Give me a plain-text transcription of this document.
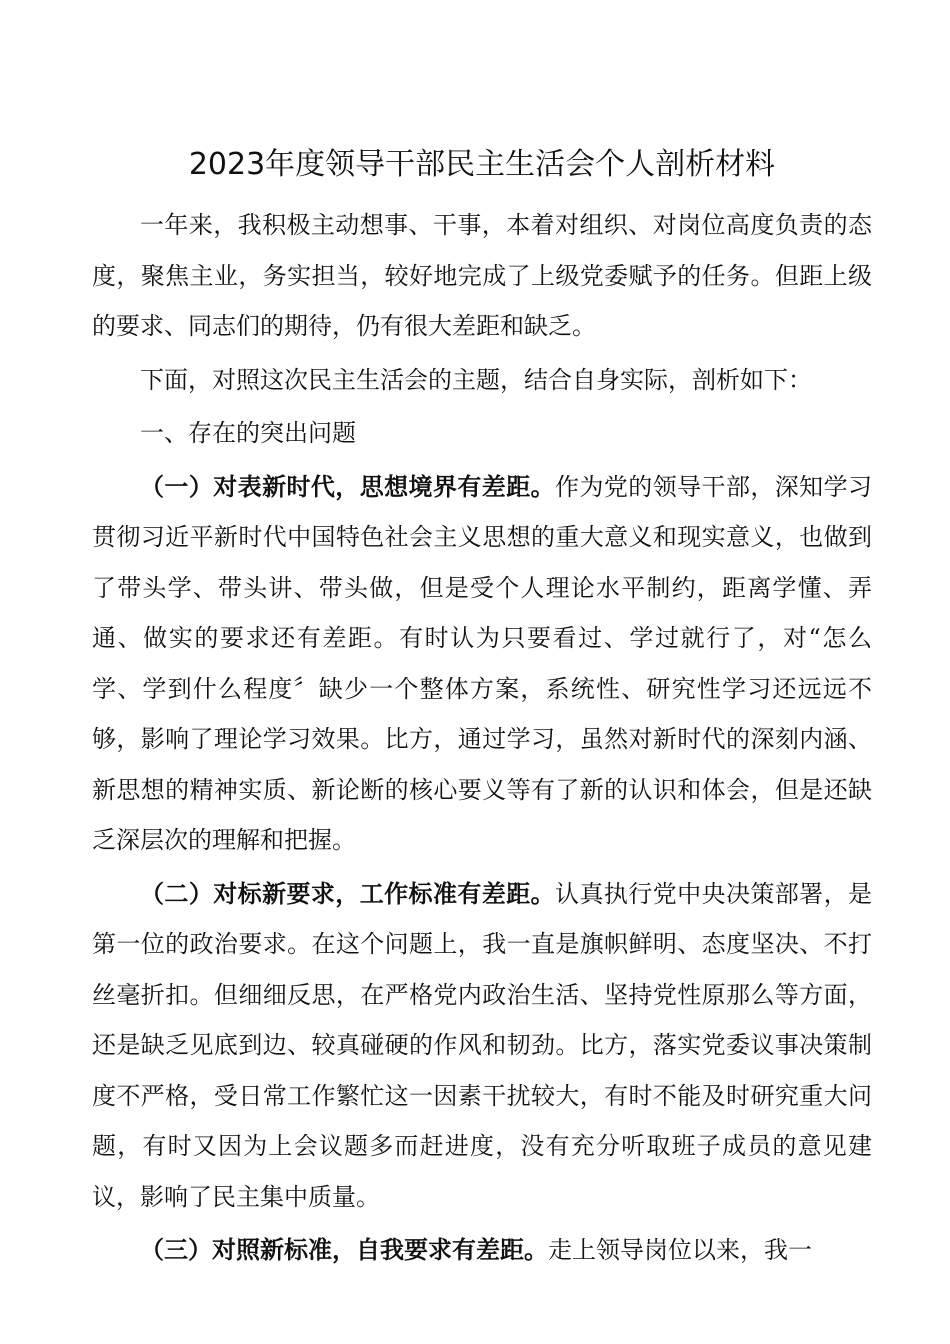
2023年度领导干部民主生活会个人剖析材料

一年来，我积极主动想事、干事，本着对组织、对岗位高度负责的态度，聚焦主业，务实担当，较好地完成了上级党委赋予的任务。但距上级的要求、同志们的期待，仍有很大差距和缺乏。

下面，对照这次民主生活会的主题，结合自身实际，剖析如下：

一、存在的突出问题

（一）对表新时代，思想境界有差距。作为党的领导干部，深知学习贯彻习近平新时代中国特色社会主义思想的重大意义和现实意义，也做到了带头学、带头讲、带头做，但是受个人理论水平制约，距离学懂、弄通、做实的要求还有差距。有时认为只要看过、学过就行了，对“怎么学、学到什么程度〞缺少一个整体方案，系统性、研究性学习还远远不够，影响了理论学习效果。比方，通过学习，虽然对新时代的深刻内涵、新思想的精神实质、新论断的核心要义等有了新的认识和体会，但是还缺乏深层次的理解和把握。

（二）对标新要求，工作标准有差距。认真执行党中央决策部署，是第一位的政治要求。在这个问题上，我一直是旗帜鲜明、态度坚决、不打丝毫折扣。但细细反思，在严格党内政治生活、坚持党性原那么等方面，还是缺乏见底到边、较真碰硬的作风和韧劲。比方，落实党委议事决策制度不严格，受日常工作繁忙这一因素干扰较大，有时不能及时研究重大问题，有时又因为上会议题多而赶进度，没有充分听取班子成员的意见建议，影响了民主集中质量。

（三）对照新标准，自我要求有差距。走上领导岗位以来，我一
